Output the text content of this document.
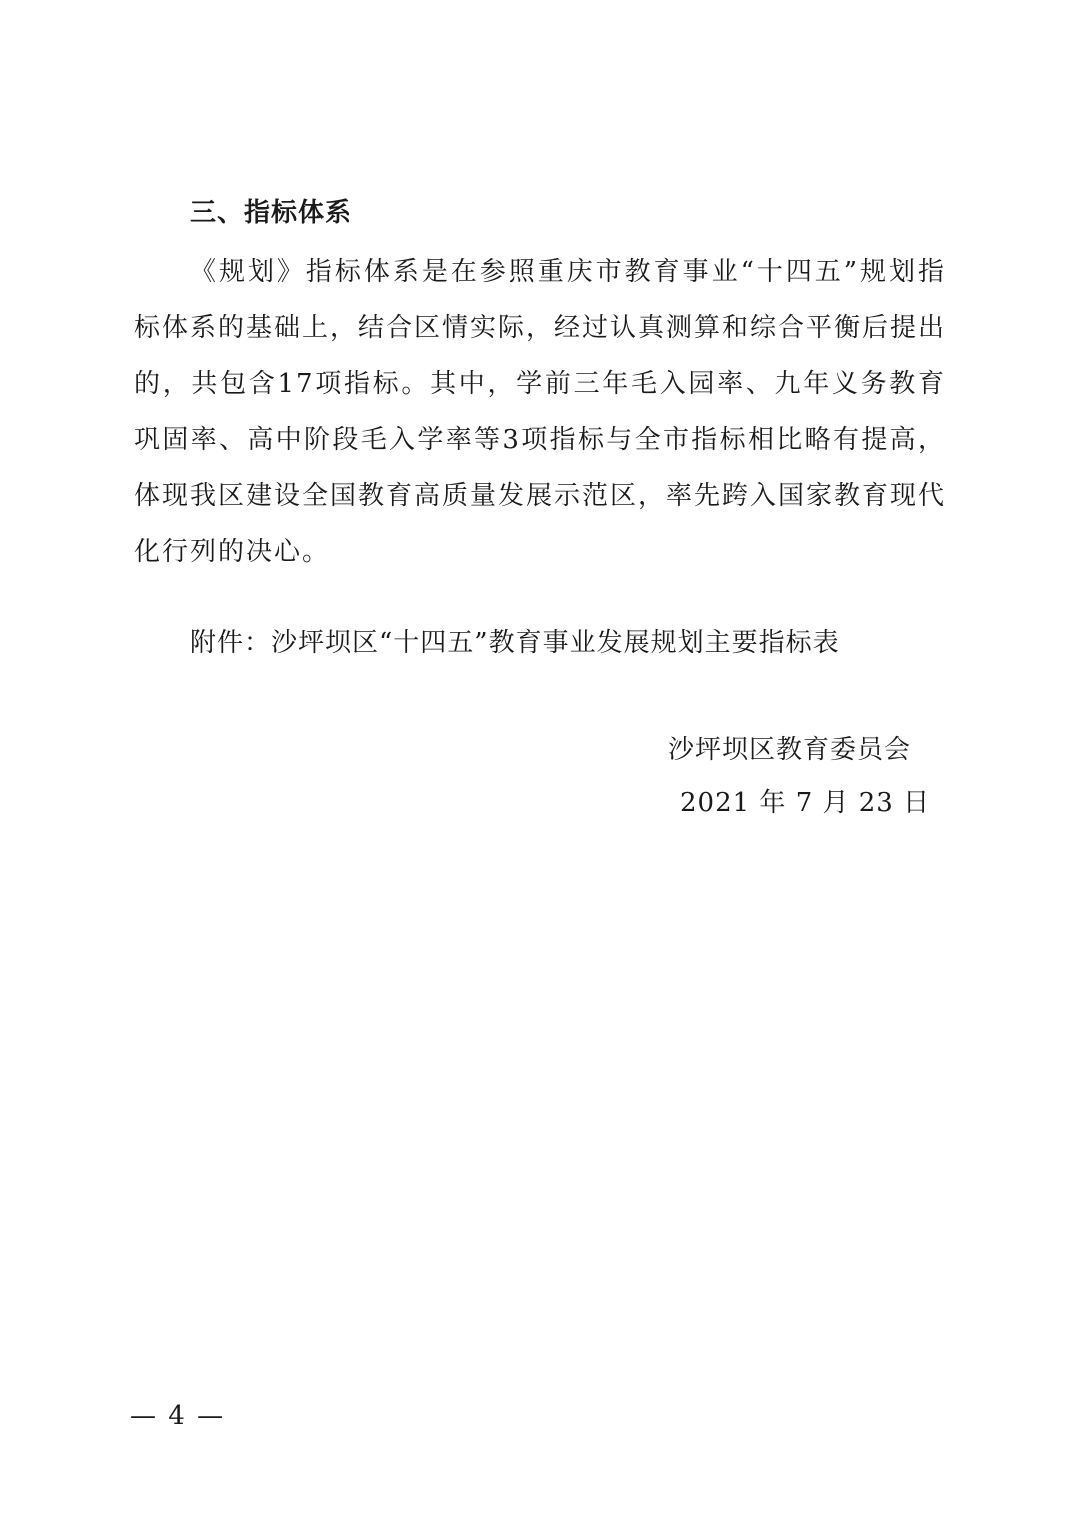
三、指标体系
《规划》指标体系是在参照重庆市教育事业“十四五”规划指标体系的基础上，结合区情实际，经过认真测算和综合平衡后提出的，共包含17项指标。其中，学前三年毛入园率、九年义务教育巩固率、高中阶段毛入学率等3项指标与全市指标相比略有提高，体现我区建设全国教育高质量发展示范区，率先跨入国家教育现代化行列的决心。
附件：沙坪坝区“十四五”教育事业发展规划主要指标表
沙坪坝区教育委员会
2021 年 7 月 23 日
— 4 —
